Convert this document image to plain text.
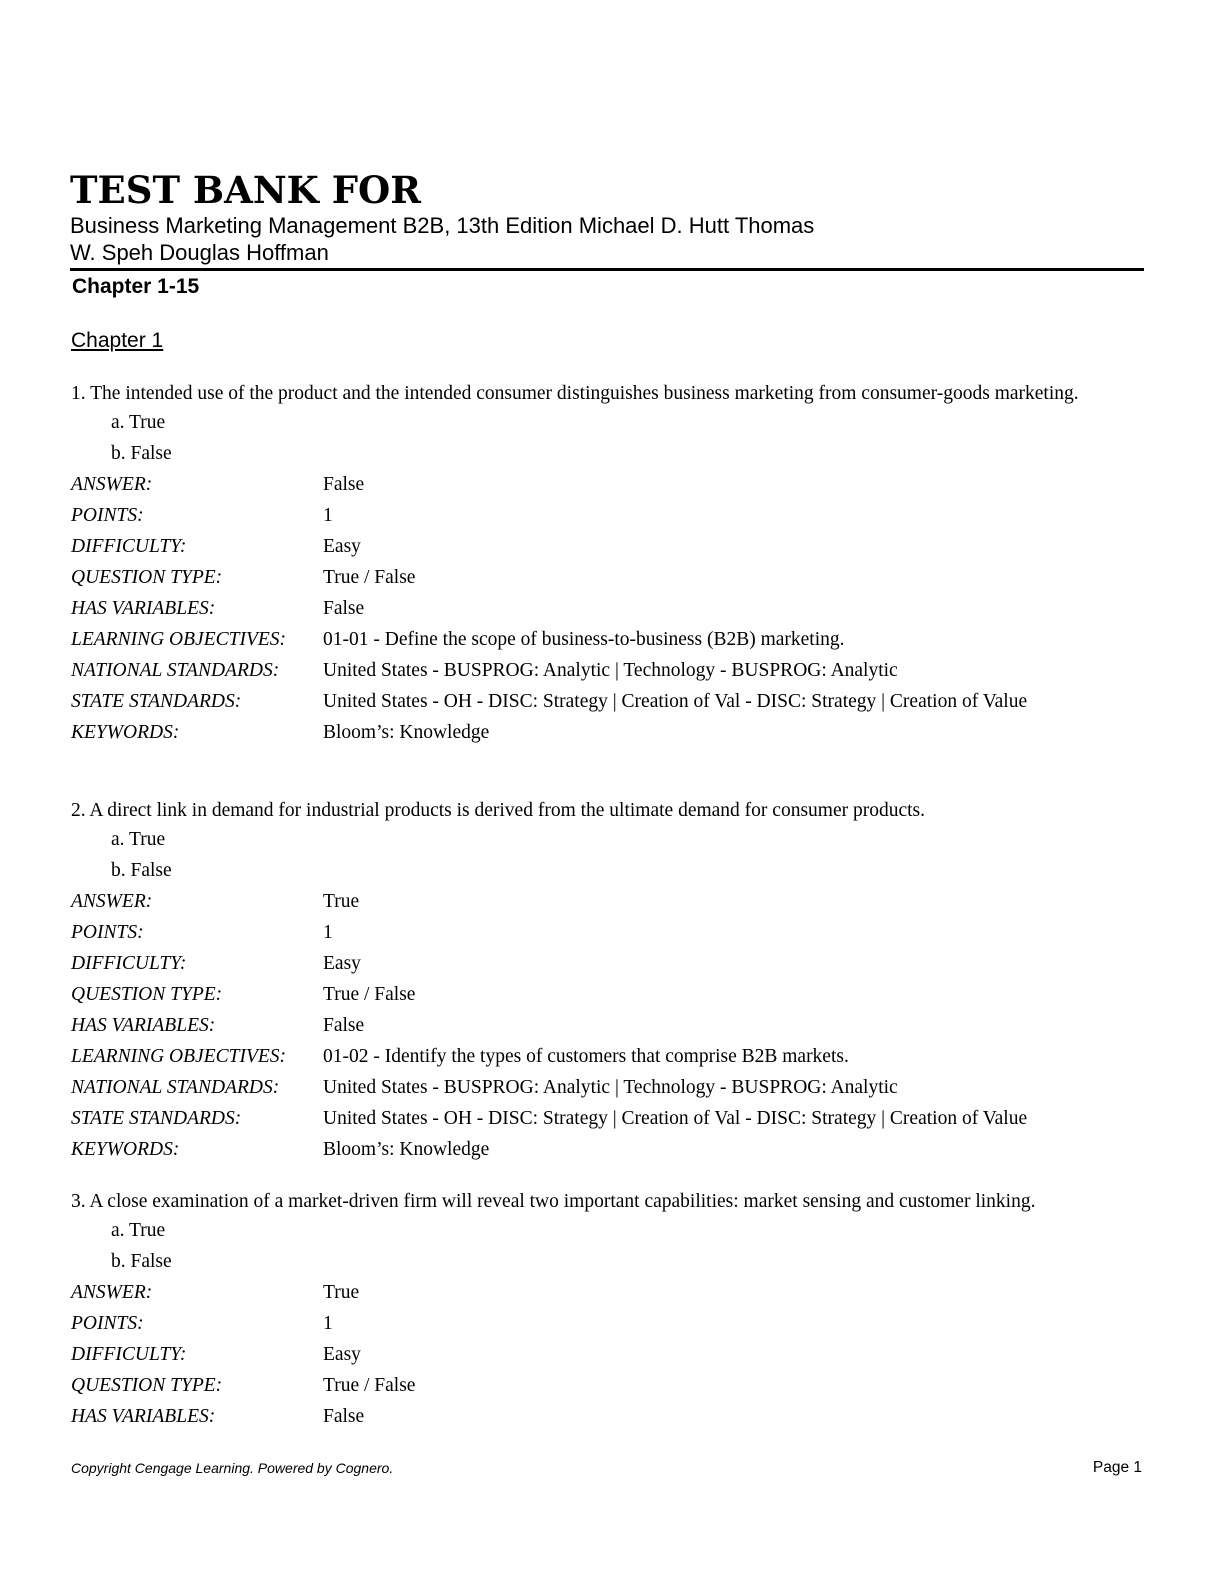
TEST BANK FOR
Business Marketing Management B2B, 13th Edition Michael D. Hutt Thomas
W. Speh Douglas Hoffman
Chapter 1-15
Chapter 1
1. The intended use of the product and the intended consumer distinguishes business marketing from consumer-goods marketing.
a. True
b. False
ANSWER:	False
POINTS:	1
DIFFICULTY:	Easy
QUESTION TYPE:	True / False
HAS VARIABLES:	False
LEARNING OBJECTIVES:	01-01 - Define the scope of business-to-business (B2B) marketing.
NATIONAL STANDARDS:	United States - BUSPROG: Analytic | Technology - BUSPROG: Analytic
STATE STANDARDS:	United States - OH - DISC: Strategy | Creation of Val - DISC: Strategy | Creation of Value
KEYWORDS:	Bloom’s: Knowledge
2. A direct link in demand for industrial products is derived from the ultimate demand for consumer products.
a. True
b. False
ANSWER:	True
POINTS:	1
DIFFICULTY:	Easy
QUESTION TYPE:	True / False
HAS VARIABLES:	False
LEARNING OBJECTIVES:	01-02 - Identify the types of customers that comprise B2B markets.
NATIONAL STANDARDS:	United States - BUSPROG: Analytic | Technology - BUSPROG: Analytic
STATE STANDARDS:	United States - OH - DISC: Strategy | Creation of Val - DISC: Strategy | Creation of Value
KEYWORDS:	Bloom’s: Knowledge
3. A close examination of a market-driven firm will reveal two important capabilities: market sensing and customer linking.
a. True
b. False
ANSWER:	True
POINTS:	1
DIFFICULTY:	Easy
QUESTION TYPE:	True / False
HAS VARIABLES:	False
Copyright Cengage Learning. Powered by Cognero.	Page 1
